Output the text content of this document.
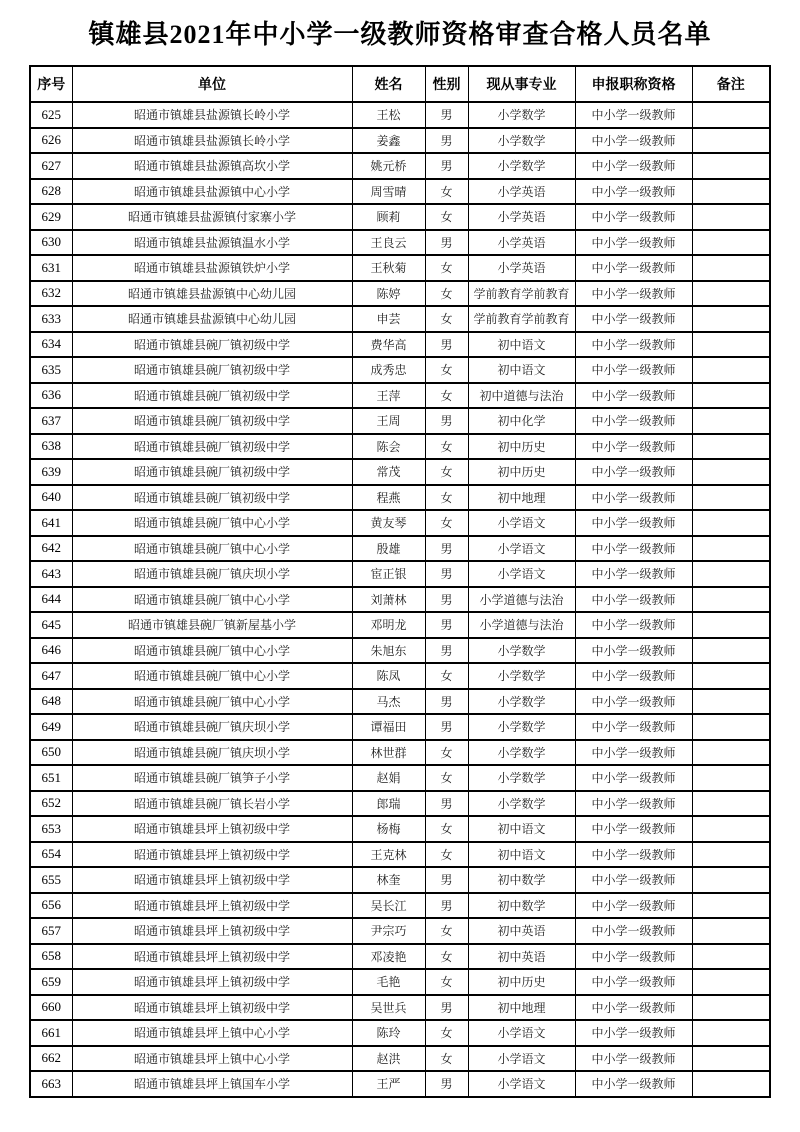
镇雄县2021年中小学一级教师资格审查合格人员名单
序号	单位	姓名	性别	现从事专业	申报职称资格	备注
625	昭通市镇雄县盐源镇长岭小学	王松	男	小学数学	中小学一级教师	
626	昭通市镇雄县盐源镇长岭小学	姜鑫	男	小学数学	中小学一级教师	
627	昭通市镇雄县盐源镇高坎小学	姚元桥	男	小学数学	中小学一级教师	
628	昭通市镇雄县盐源镇中心小学	周雪晴	女	小学英语	中小学一级教师	
629	昭通市镇雄县盐源镇付家寨小学	顾莉	女	小学英语	中小学一级教师	
630	昭通市镇雄县盐源镇温水小学	王良云	男	小学英语	中小学一级教师	
631	昭通市镇雄县盐源镇铁炉小学	王秋菊	女	小学英语	中小学一级教师	
632	昭通市镇雄县盐源镇中心幼儿园	陈婷	女	学前教育学前教育	中小学一级教师	
633	昭通市镇雄县盐源镇中心幼儿园	申芸	女	学前教育学前教育	中小学一级教师	
634	昭通市镇雄县碗厂镇初级中学	费华高	男	初中语文	中小学一级教师	
635	昭通市镇雄县碗厂镇初级中学	成秀忠	女	初中语文	中小学一级教师	
636	昭通市镇雄县碗厂镇初级中学	王萍	女	初中道德与法治	中小学一级教师	
637	昭通市镇雄县碗厂镇初级中学	王周	男	初中化学	中小学一级教师	
638	昭通市镇雄县碗厂镇初级中学	陈会	女	初中历史	中小学一级教师	
639	昭通市镇雄县碗厂镇初级中学	常茂	女	初中历史	中小学一级教师	
640	昭通市镇雄县碗厂镇初级中学	程燕	女	初中地理	中小学一级教师	
641	昭通市镇雄县碗厂镇中心小学	黄友琴	女	小学语文	中小学一级教师	
642	昭通市镇雄县碗厂镇中心小学	殷雄	男	小学语文	中小学一级教师	
643	昭通市镇雄县碗厂镇庆坝小学	宦正银	男	小学语文	中小学一级教师	
644	昭通市镇雄县碗厂镇中心小学	刘萧林	男	小学道德与法治	中小学一级教师	
645	昭通市镇雄县碗厂镇新屋基小学	邓明龙	男	小学道德与法治	中小学一级教师	
646	昭通市镇雄县碗厂镇中心小学	朱旭东	男	小学数学	中小学一级教师	
647	昭通市镇雄县碗厂镇中心小学	陈凤	女	小学数学	中小学一级教师	
648	昭通市镇雄县碗厂镇中心小学	马杰	男	小学数学	中小学一级教师	
649	昭通市镇雄县碗厂镇庆坝小学	谭福田	男	小学数学	中小学一级教师	
650	昭通市镇雄县碗厂镇庆坝小学	林世群	女	小学数学	中小学一级教师	
651	昭通市镇雄县碗厂镇笋子小学	赵娟	女	小学数学	中小学一级教师	
652	昭通市镇雄县碗厂镇长岩小学	郎瑞	男	小学数学	中小学一级教师	
653	昭通市镇雄县坪上镇初级中学	杨梅	女	初中语文	中小学一级教师	
654	昭通市镇雄县坪上镇初级中学	王克林	女	初中语文	中小学一级教师	
655	昭通市镇雄县坪上镇初级中学	林奎	男	初中数学	中小学一级教师	
656	昭通市镇雄县坪上镇初级中学	吴长江	男	初中数学	中小学一级教师	
657	昭通市镇雄县坪上镇初级中学	尹宗巧	女	初中英语	中小学一级教师	
658	昭通市镇雄县坪上镇初级中学	邓凌艳	女	初中英语	中小学一级教师	
659	昭通市镇雄县坪上镇初级中学	毛艳	女	初中历史	中小学一级教师	
660	昭通市镇雄县坪上镇初级中学	吴世兵	男	初中地理	中小学一级教师	
661	昭通市镇雄县坪上镇中心小学	陈玲	女	小学语文	中小学一级教师	
662	昭通市镇雄县坪上镇中心小学	赵洪	女	小学语文	中小学一级教师	
663	昭通市镇雄县坪上镇国车小学	王严	男	小学语文	中小学一级教师	
